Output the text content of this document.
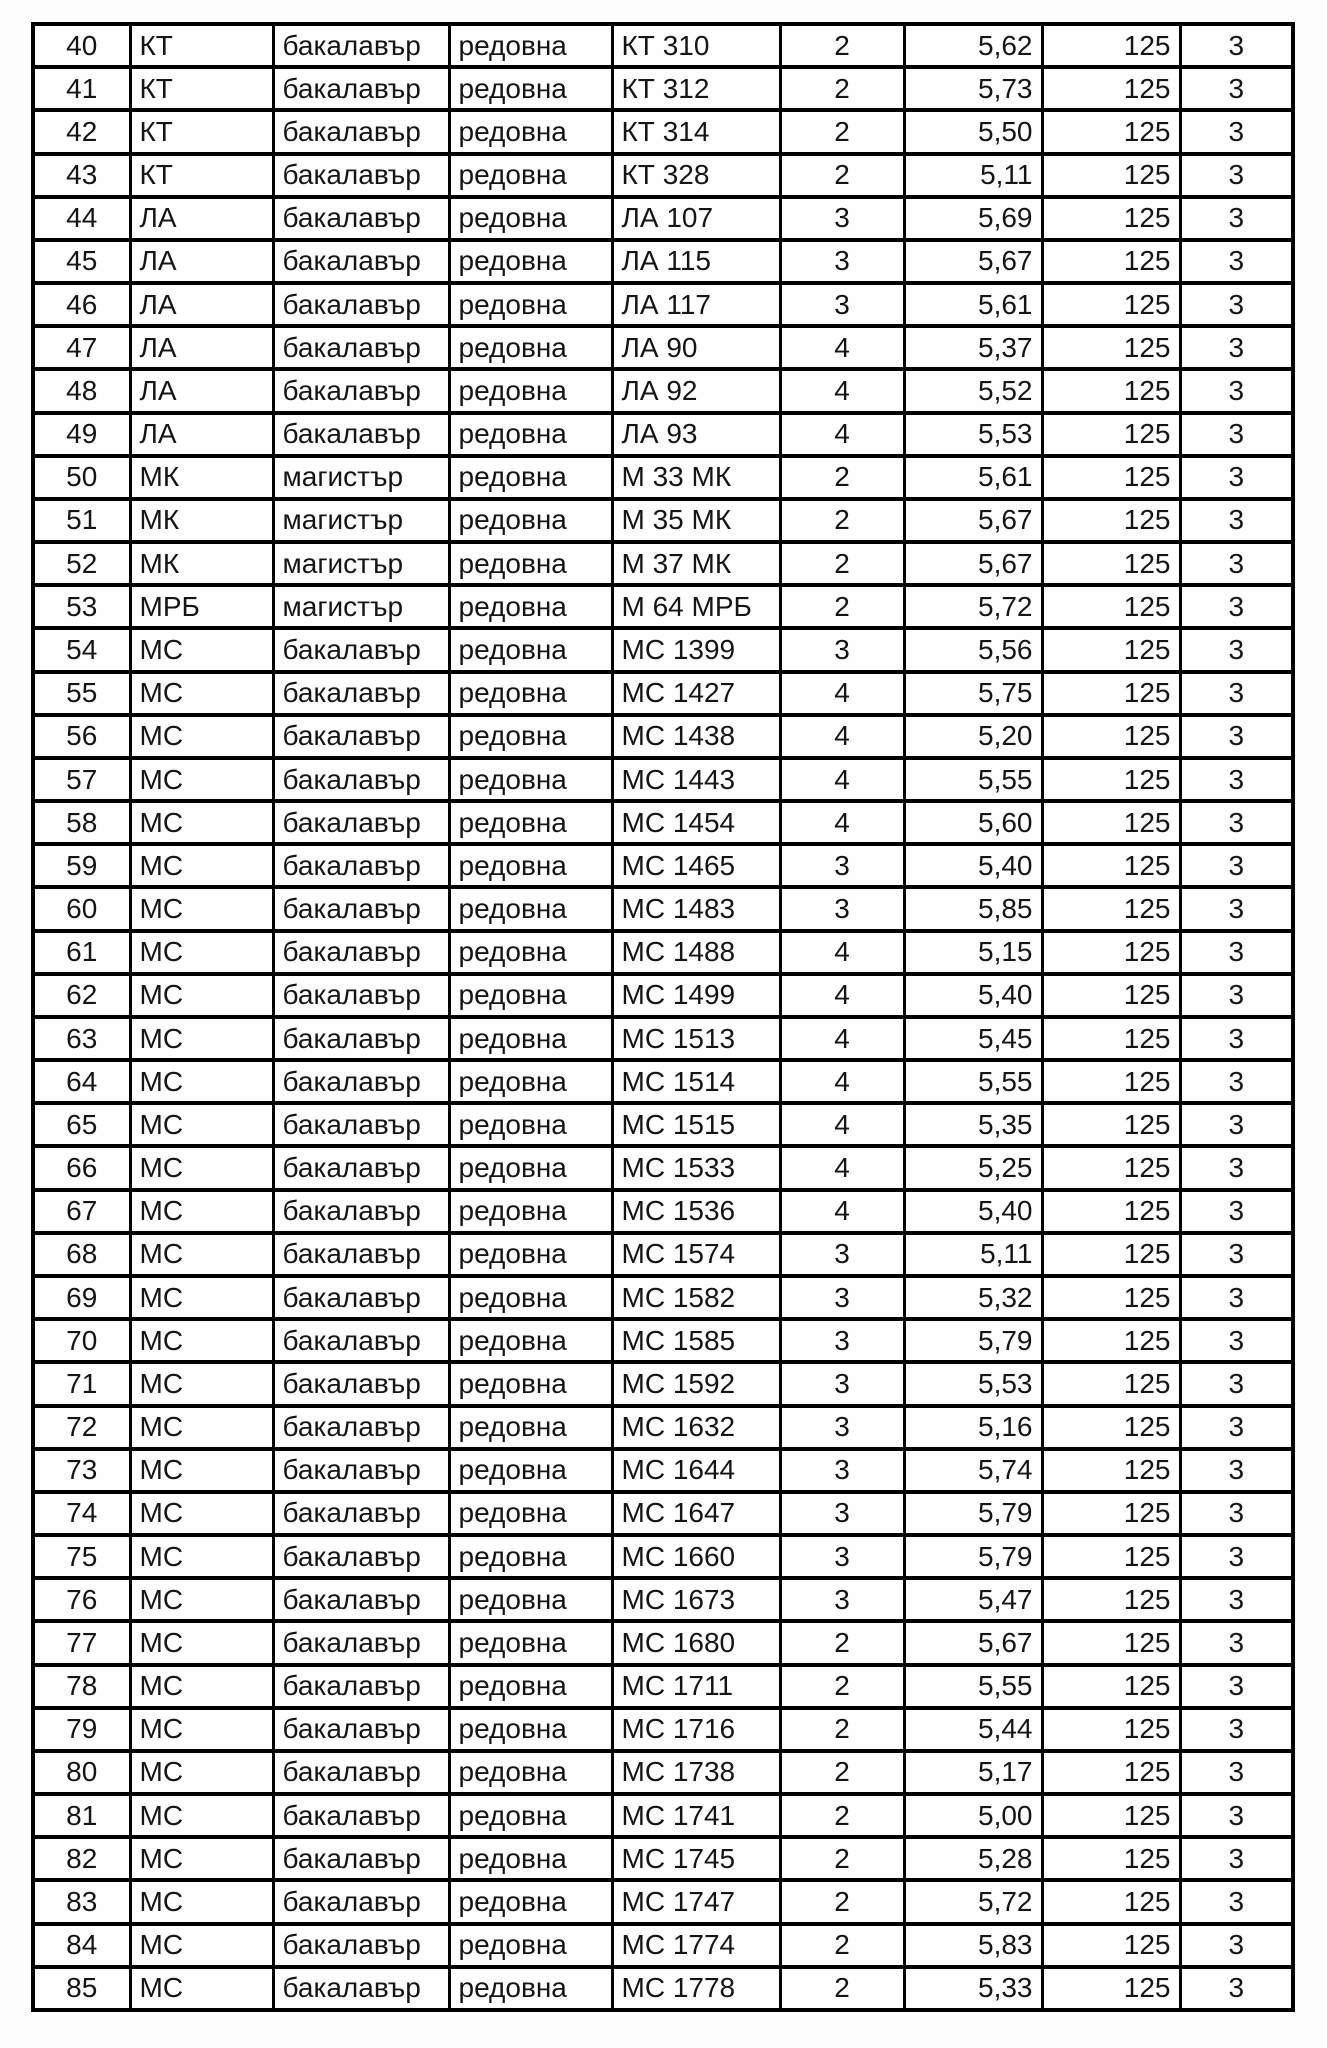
40	КТ	бакалавър	редовна	КТ 310	2	5,62	125	3
41	КТ	бакалавър	редовна	КТ 312	2	5,73	125	3
42	КТ	бакалавър	редовна	КТ 314	2	5,50	125	3
43	КТ	бакалавър	редовна	КТ 328	2	5,11	125	3
44	ЛА	бакалавър	редовна	ЛА 107	3	5,69	125	3
45	ЛА	бакалавър	редовна	ЛА 115	3	5,67	125	3
46	ЛА	бакалавър	редовна	ЛА 117	3	5,61	125	3
47	ЛА	бакалавър	редовна	ЛА 90	4	5,37	125	3
48	ЛА	бакалавър	редовна	ЛА 92	4	5,52	125	3
49	ЛА	бакалавър	редовна	ЛА 93	4	5,53	125	3
50	МК	магистър	редовна	М 33 МК	2	5,61	125	3
51	МК	магистър	редовна	М 35 МК	2	5,67	125	3
52	МК	магистър	редовна	М 37 МК	2	5,67	125	3
53	МРБ	магистър	редовна	М 64 МРБ	2	5,72	125	3
54	МС	бакалавър	редовна	МС 1399	3	5,56	125	3
55	МС	бакалавър	редовна	МС 1427	4	5,75	125	3
56	МС	бакалавър	редовна	МС 1438	4	5,20	125	3
57	МС	бакалавър	редовна	МС 1443	4	5,55	125	3
58	МС	бакалавър	редовна	МС 1454	4	5,60	125	3
59	МС	бакалавър	редовна	МС 1465	3	5,40	125	3
60	МС	бакалавър	редовна	МС 1483	3	5,85	125	3
61	МС	бакалавър	редовна	МС 1488	4	5,15	125	3
62	МС	бакалавър	редовна	МС 1499	4	5,40	125	3
63	МС	бакалавър	редовна	МС 1513	4	5,45	125	3
64	МС	бакалавър	редовна	МС 1514	4	5,55	125	3
65	МС	бакалавър	редовна	МС 1515	4	5,35	125	3
66	МС	бакалавър	редовна	МС 1533	4	5,25	125	3
67	МС	бакалавър	редовна	МС 1536	4	5,40	125	3
68	МС	бакалавър	редовна	МС 1574	3	5,11	125	3
69	МС	бакалавър	редовна	МС 1582	3	5,32	125	3
70	МС	бакалавър	редовна	МС 1585	3	5,79	125	3
71	МС	бакалавър	редовна	МС 1592	3	5,53	125	3
72	МС	бакалавър	редовна	МС 1632	3	5,16	125	3
73	МС	бакалавър	редовна	МС 1644	3	5,74	125	3
74	МС	бакалавър	редовна	МС 1647	3	5,79	125	3
75	МС	бакалавър	редовна	МС 1660	3	5,79	125	3
76	МС	бакалавър	редовна	МС 1673	3	5,47	125	3
77	МС	бакалавър	редовна	МС 1680	2	5,67	125	3
78	МС	бакалавър	редовна	МС 1711	2	5,55	125	3
79	МС	бакалавър	редовна	МС 1716	2	5,44	125	3
80	МС	бакалавър	редовна	МС 1738	2	5,17	125	3
81	МС	бакалавър	редовна	МС 1741	2	5,00	125	3
82	МС	бакалавър	редовна	МС 1745	2	5,28	125	3
83	МС	бакалавър	редовна	МС 1747	2	5,72	125	3
84	МС	бакалавър	редовна	МС 1774	2	5,83	125	3
85	МС	бакалавър	редовна	МС 1778	2	5,33	125	3
